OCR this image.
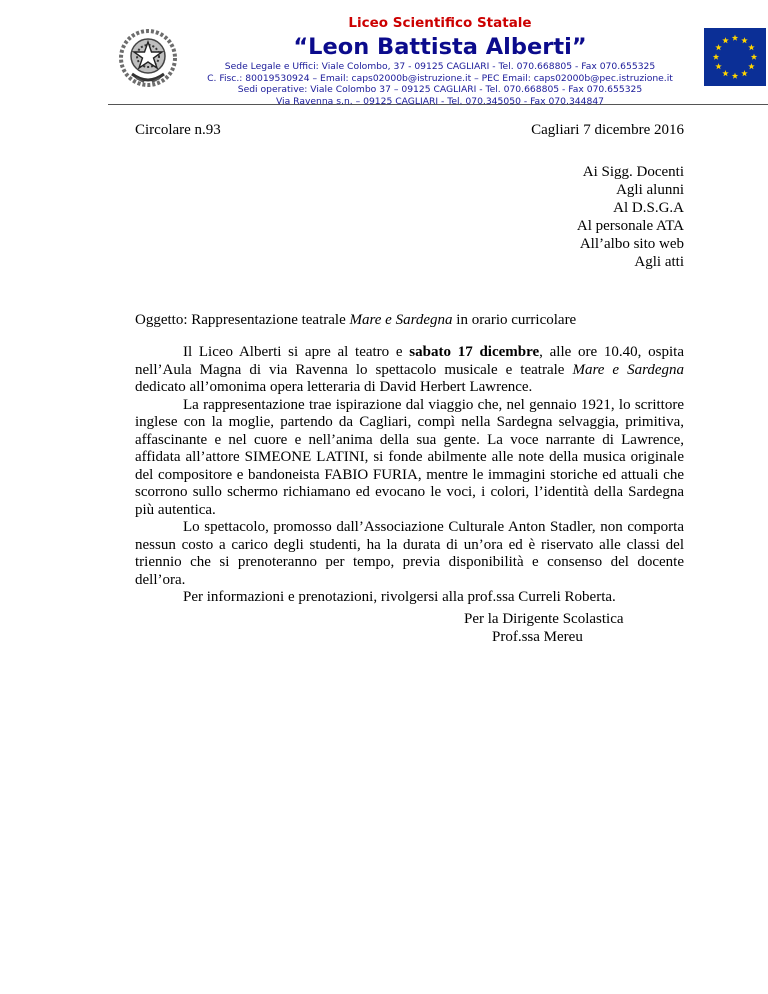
Liceo Scientifico Statale
“Leon Battista Alberti”
Sede Legale e Uffici: Viale Colombo, 37 - 09125 CAGLIARI - Tel. 070.668805 - Fax 070.655325
C. Fisc.: 80019530924 – Email: caps02000b@istruzione.it – PEC Email: caps02000b@pec.istruzione.it
Sedi operative: Viale Colombo 37 – 09125 CAGLIARI - Tel. 070.668805 - Fax 070.655325
Via Ravenna s.n. – 09125 CAGLIARI - Tel. 070.345050 - Fax 070.344847
Circolare n.93	Cagliari 7 dicembre 2016
Ai Sigg. Docenti
Agli alunni
Al D.S.G.A
Al personale ATA
All’albo sito web
Agli atti
Oggetto: Rappresentazione teatrale Mare e Sardegna in orario curricolare

Il Liceo Alberti si apre al teatro e sabato 17 dicembre, alle ore 10.40, ospita nell’Aula Magna di via Ravenna lo spettacolo musicale e teatrale Mare e Sardegna dedicato all’omonima opera letteraria di David Herbert Lawrence.

La rappresentazione trae ispirazione dal viaggio che, nel gennaio 1921, lo scrittore inglese con la moglie, partendo da Cagliari, compì nella Sardegna selvaggia, primitiva, affascinante e nel cuore e nell’anima della sua gente. La voce narrante di Lawrence, affidata all’attore SIMEONE LATINI, si fonde abilmente alle note della musica originale del compositore e bandoneista FABIO FURIA, mentre le immagini storiche ed attuali che scorrono sullo schermo richiamano ed evocano le voci, i colori, l’identità della Sardegna più autentica.

Lo spettacolo, promosso dall’Associazione Culturale Anton Stadler, non comporta nessun costo a carico degli studenti, ha la durata di un’ora ed è riservato alle classi del triennio che si prenoteranno per tempo, previa disponibilità e consenso del docente dell’ora.

Per informazioni e prenotazioni, rivolgersi alla prof.ssa Curreli Roberta.

Per la Dirigente Scolastica
Prof.ssa Mereu
